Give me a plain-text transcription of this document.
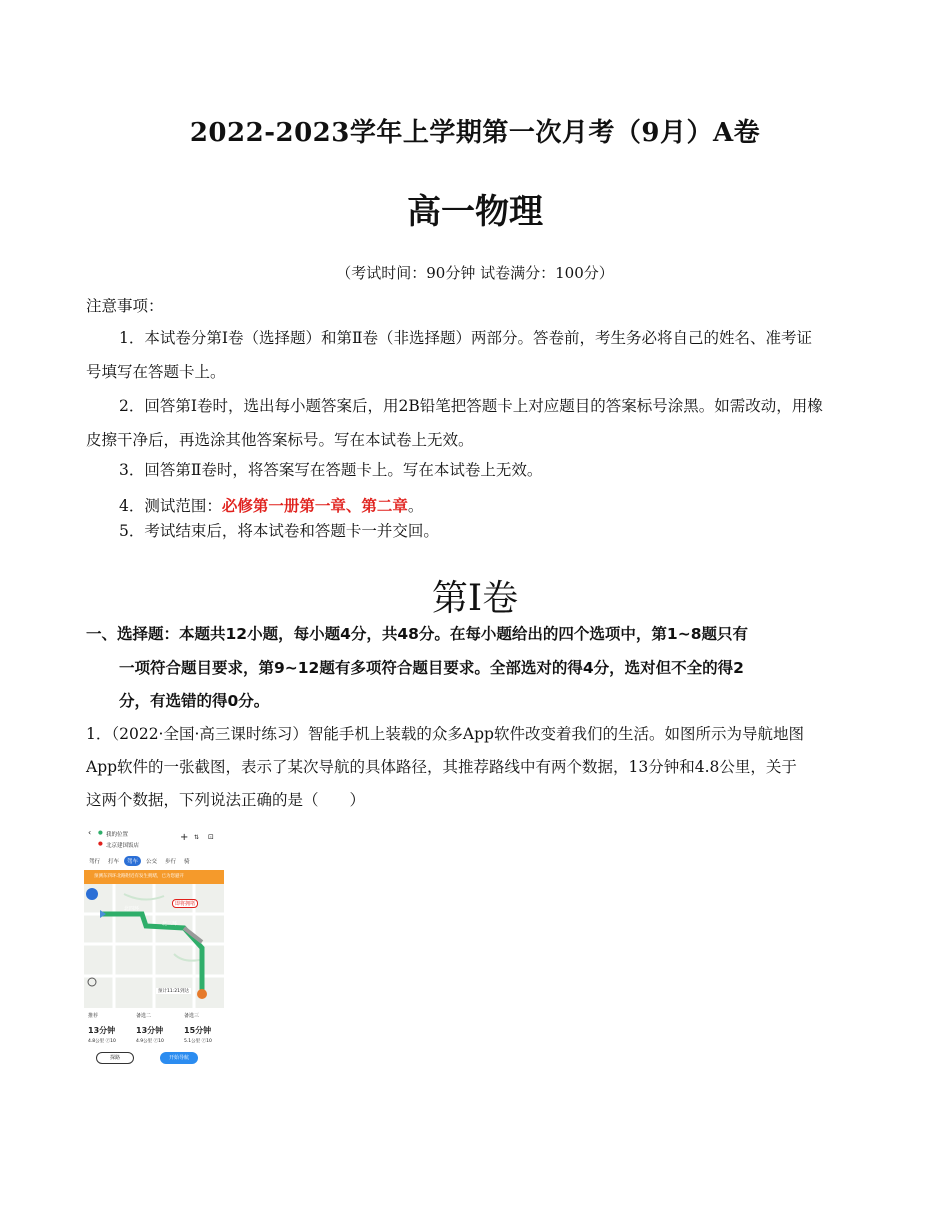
2022-2023学年上学期第一次月考（9月）A卷
高一物理
（考试时间：90分钟 试卷满分：100分）
注意事项：
1．本试卷分第Ⅰ卷（选择题）和第Ⅱ卷（非选择题）两部分。答卷前，考生务必将自己的姓名、准考证号填写在答题卡上。
2．回答第Ⅰ卷时，选出每小题答案后，用2B铅笔把答题卡上对应题目的答案标号涂黑。如需改动，用橡皮擦干净后，再选涂其他答案标号。写在本试卷上无效。
3．回答第Ⅱ卷时，将答案写在答题卡上。写在本试卷上无效。
4．测试范围：必修第一册第一章、第二章。
5．考试结束后，将本试卷和答题卡一并交回。
第Ⅰ卷
一、选择题：本题共12小题，每小题4分，共48分。在每小题给出的四个选项中，第1~8题只有
一项符合题目要求，第9~12题有多项符合题目要求。全部选对的得4分，选对但不全的得2
分，有选错的得0分。
1．（2022·全国·高三课时练习）智能手机上装载的众多App软件改变着我们的生活。如图所示为导航地图App软件的一张截图，表示了某次导航的具体路径，其推荐路线中有两个数据，13分钟和4.8公里，关于这两个数据，下列说法正确的是（　　）
‹ ● 我的位置
● 北京建国饭店
+ ⇅ ⊡
驾行	打车	驾车	公交	步行	骑
预测东四环北路附近有发生拥堵，已为您避开
北四环
北三环
即将拥堵
预计11:21到达
推荐
13分钟
4.8公里 ⓡ10
备选二
13分钟
4.9公里 ⓡ10
备选三
15分钟
5.1公里 ⓡ10
探路	开始导航
